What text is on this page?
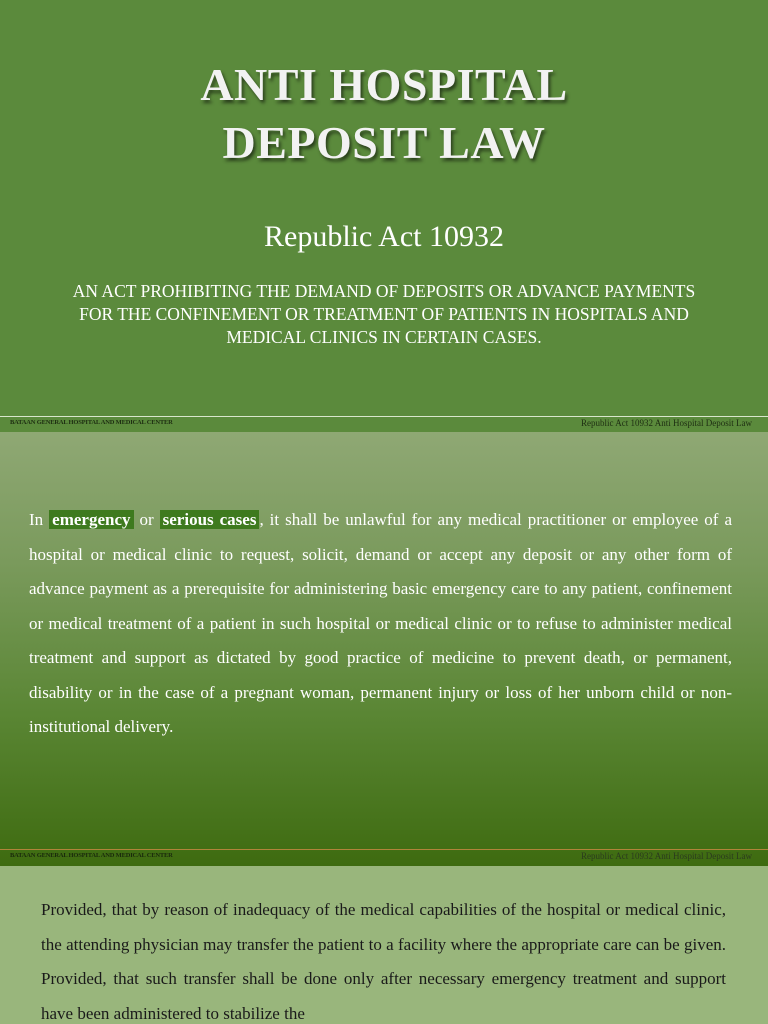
ANTI HOSPITAL
DEPOSIT LAW
Republic Act 10932
AN ACT PROHIBITING THE DEMAND OF DEPOSITS OR ADVANCE PAYMENTS FOR THE CONFINEMENT OR TREATMENT OF PATIENTS IN HOSPITALS AND MEDICAL CLINICS IN CERTAIN CASES.
BATAAN GENERAL HOSPITAL AND MEDICAL CENTER	Republic Act 10932 Anti Hospital Deposit Law
In emergency or serious cases , it shall be unlawful for any medical practitioner or employee of a hospital or medical clinic to request, solicit, demand or accept any deposit or any other form of advance payment as a prerequisite for administering basic emergency care to any patient, confinement or medical treatment of a patient in such hospital or medical clinic or to refuse to administer medical treatment and support as dictated by good practice of medicine to prevent death, or permanent, disability or in the case of a pregnant woman, permanent injury or loss of her unborn child or non-institutional delivery.
BATAAN GENERAL HOSPITAL AND MEDICAL CENTER	Republic Act 10932 Anti Hospital Deposit Law
Provided, that by reason of inadequacy of the medical capabilities of the hospital or medical clinic, the attending physician may transfer the patient to a facility where the appropriate care can be given. Provided, that such transfer shall be done only after necessary emergency treatment and support have been administered to stabilize the
